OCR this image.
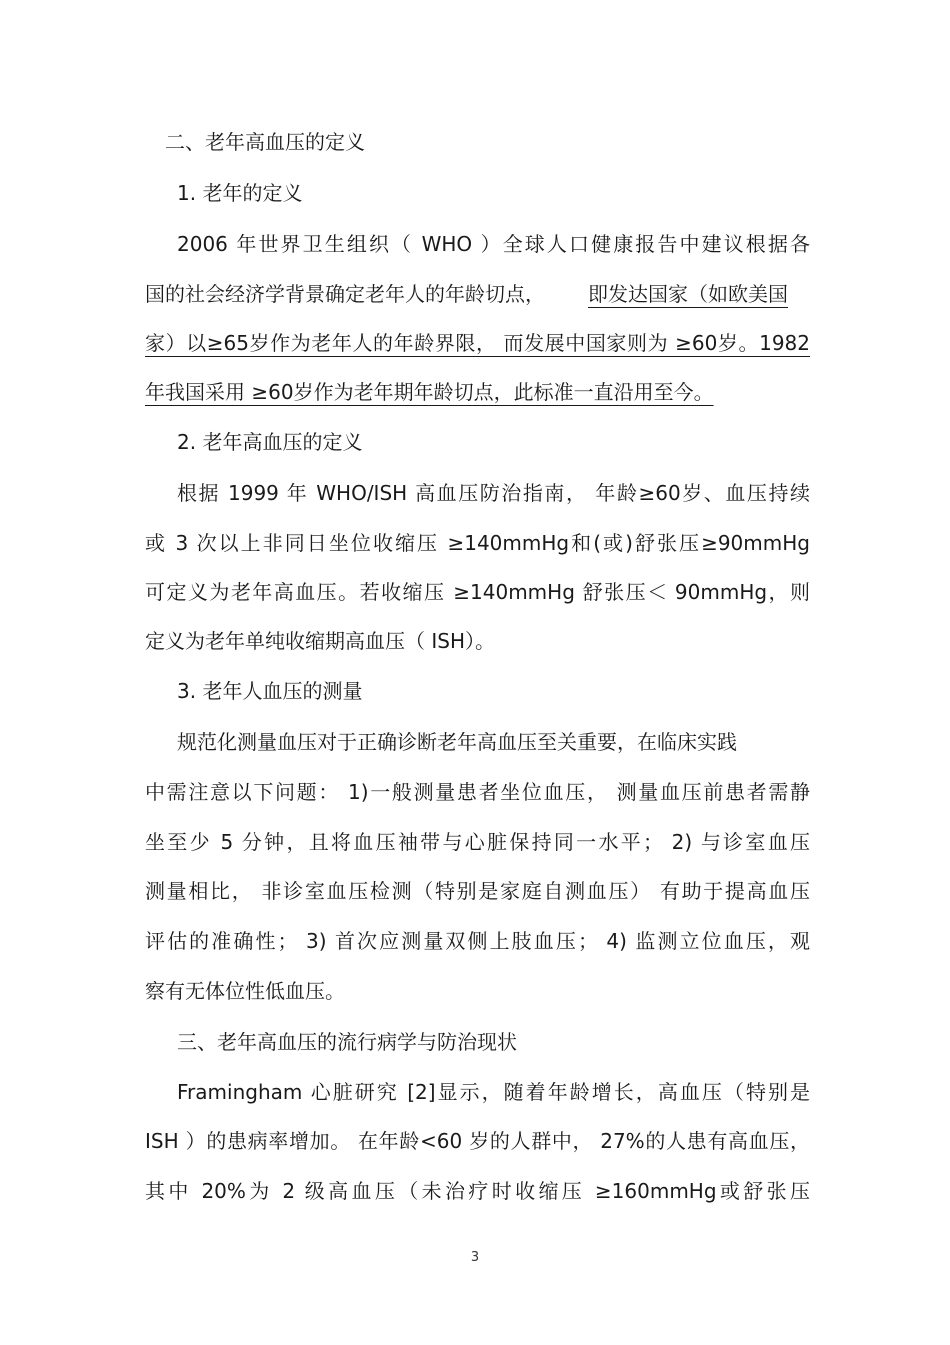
二、老年高血压的定义
1. 老年的定义
2006 年世界卫生组织（ WHO ）全球人口健康报告中建议根据各
国的社会经济学背景确定老年人的年龄切点，	即发达国家（如欧美国
家）以≥65岁作为老年人的年龄界限， 而发展中国家则为 ≥60岁。1982
年我国采用 ≥60岁作为老年期年龄切点，此标准一直沿用至今。
2. 老年高血压的定义
根据 1999 年 WHO/ISH 高血压防治指南， 年龄≥60岁、血压持续
或 3 次以上非同日坐位收缩压 ≥140mmHg和(或)舒张压≥90mmHg
可定义为老年高血压。若收缩压 ≥140mmHg 舒张压＜ 90mmHg，则
定义为老年单纯收缩期高血压（ ISH）。
3. 老年人血压的测量
规范化测量血压对于正确诊断老年高血压至关重要，在临床实践
中需注意以下问题： 1)一般测量患者坐位血压， 测量血压前患者需静
坐至少 5 分钟，且将血压袖带与心脏保持同一水平； 2) 与诊室血压
测量相比， 非诊室血压检测（特别是家庭自测血压） 有助于提高血压
评估的准确性； 3) 首次应测量双侧上肢血压； 4) 监测立位血压，观
察有无体位性低血压。
三、老年高血压的流行病学与防治现状
Framingham 心脏研究 [2]显示，随着年龄增长，高血压（特别是
ISH ）的患病率增加。 在年龄<60 岁的人群中， 27%的人患有高血压，
其中 20%为 2 级高血压（未治疗时收缩压 ≥160mmHg或舒张压
3
